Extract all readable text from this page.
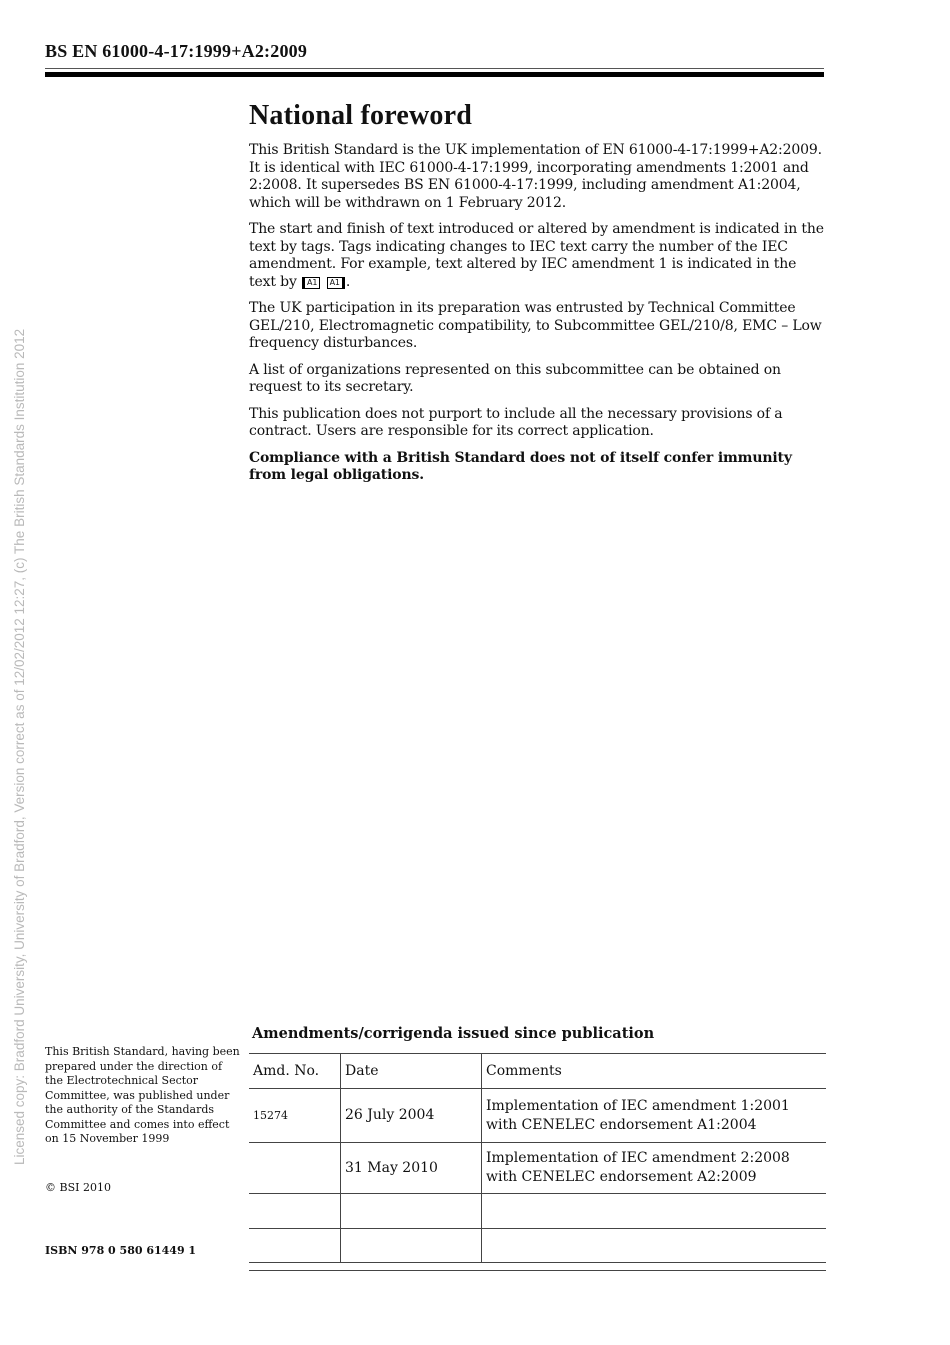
BS EN 61000-4-17:1999+A2:2009
Licensed copy: Bradford University, University of Bradford, Version correct as of 12/02/2012 12:27, (c) The British Standards Institution 2012
National foreword

This British Standard is the UK implementation of EN 61000-4-17:1999+A2:2009. It is identical with IEC 61000-4-17:1999, incorporating amendments 1:2001 and 2:2008. It supersedes BS EN 61000-4-17:1999, including amendment A1:2004, which will be withdrawn on 1 February 2012.

The start and finish of text introduced or altered by amendment is indicated in the text by tags. Tags indicating changes to IEC text carry the number of the IEC amendment. For example, text altered by IEC amendment 1 is indicated in the text by A1 A1 .

The UK participation in its preparation was entrusted by Technical Committee GEL/210, Electromagnetic compatibility, to Subcommittee GEL/210/8, EMC – Low frequency disturbances.

A list of organizations represented on this subcommittee can be obtained on request to its secretary.

This publication does not purport to include all the necessary provisions of a contract. Users are responsible for its correct application.

Compliance with a British Standard does not of itself confer immunity from legal obligations.

This British Standard, having been prepared under the direction of the Electrotechnical Sector Committee, was published under the authority of the Standards Committee and comes into effect on 15 November 1999
© BSI 2010
ISBN 978 0 580 61449 1
Amendments/corrigenda issued since publication
Amd. No.	Date	Comments
15274	26 July 2004	Implementation of IEC amendment 1:2001 with CENELEC endorsement A1:2004
	31 May 2010	Implementation of IEC amendment 2:2008 with CENELEC endorsement A2:2009
